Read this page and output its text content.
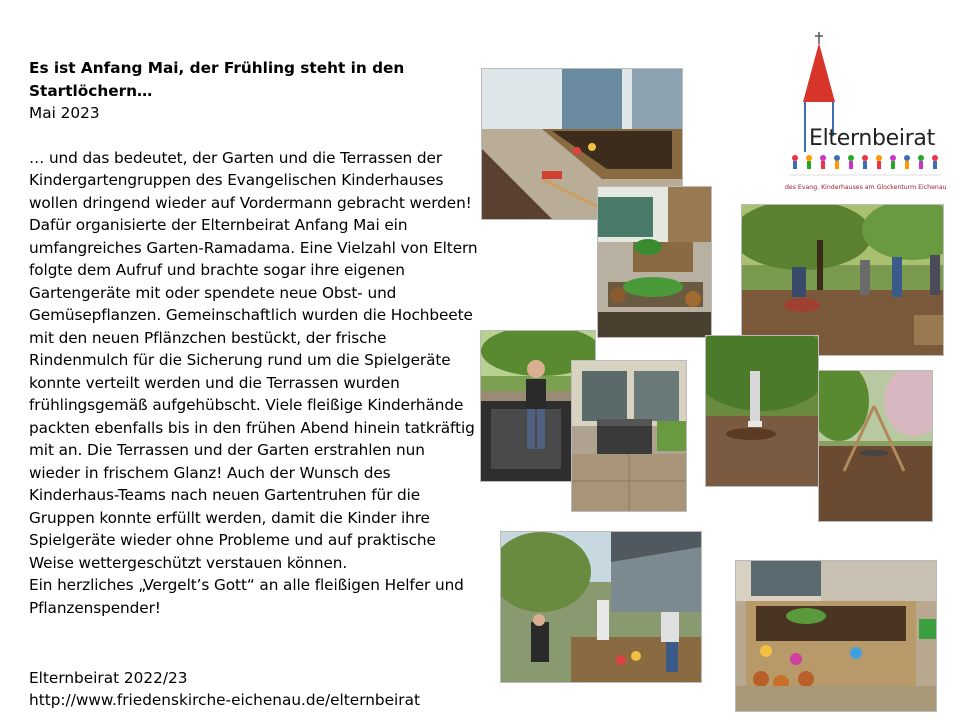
Es ist Anfang Mai, der Frühling steht in den Startlöchern…

Mai 2023

… und das bedeutet, der Garten und die Terrassen der Kindergartengruppen des Evangelischen Kinderhauses wollen dringend wieder auf Vordermann gebracht werden!
Dafür organisierte der Elternbeirat Anfang Mai ein umfangreiches Garten-Ramadama. Eine Vielzahl von Eltern folgte dem Aufruf und brachte sogar ihre eigenen Gartengeräte mit oder spendete neue Obst- und Gemüsepflanzen. Gemeinschaftlich wurden die Hochbeete mit den neuen Pflänzchen bestückt, der frische Rindenmulch für die Sicherung rund um die Spielgeräte konnte verteilt werden und die Terrassen wurden frühlingsgemäß aufgehübscht. Viele fleißige Kinderhände packten ebenfalls bis in den frühen Abend hinein tatkräftig mit an. Die Terrassen und der Garten erstrahlen nun wieder in frischem Glanz! Auch der Wunsch des Kinderhaus-Teams nach neuen Gartentruhen für die Gruppen konnte erfüllt werden, damit die Kinder ihre Spielgeräte wieder ohne Probleme und auf praktische Weise wettergeschützt verstauen können.
Ein herzliches „Vergelt’s Gott“ an alle fleißigen Helfer und Pflanzenspender!

Elternbeirat 2022/23
http://www.friedenskirche-eichenau.de/elternbeirat
Elternbeirat
des Evang. Kinderhauses am Glockenturm Eichenau
